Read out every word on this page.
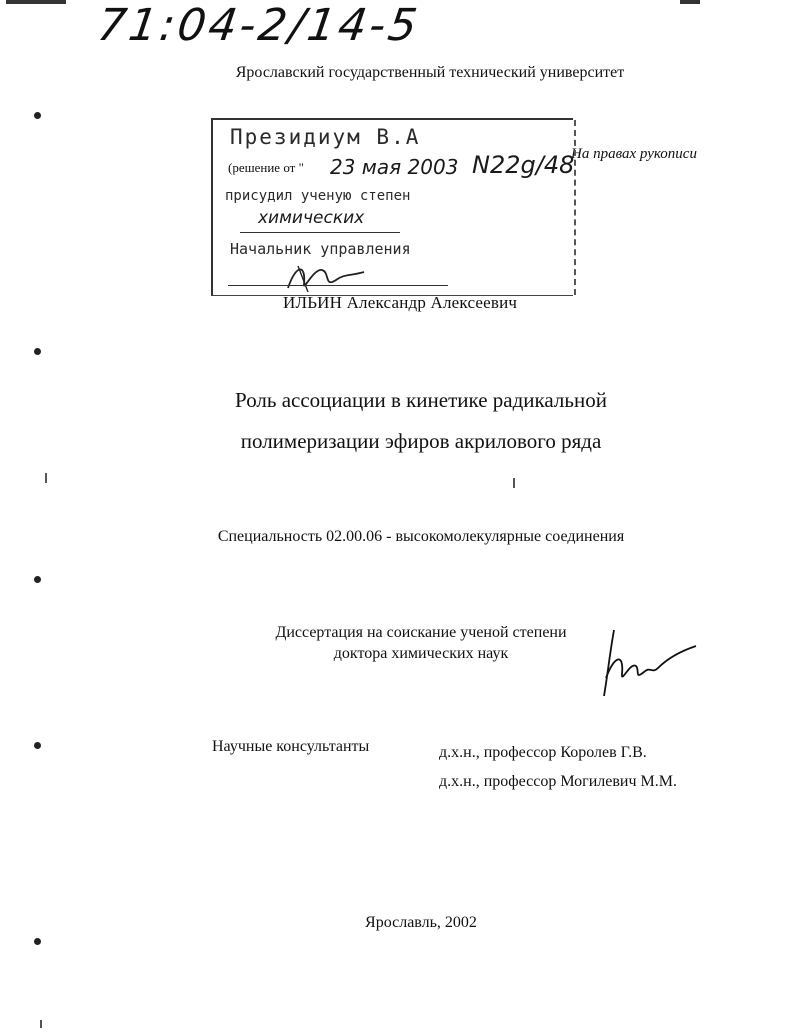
71:04-2/14-5
Ярославский государственный технический университет
На правах рукописи
Президиум В.А
(решение от " 23 мая 2003 N22g/48
присудил ученую степен
химических
Начальник управления
ИЛЬИН Александр Алексеевич
Роль ассоциации в кинетике радикальной
полимеризации эфиров акрилового ряда
Специальность 02.00.06 - высокомолекулярные соединения
Диссертация на соискание ученой степени
доктора химических наук
Научные консультанты	д.х.н., профессор Королев Г.В.
д.х.н., профессор Могилевич М.М.
Ярославль, 2002
